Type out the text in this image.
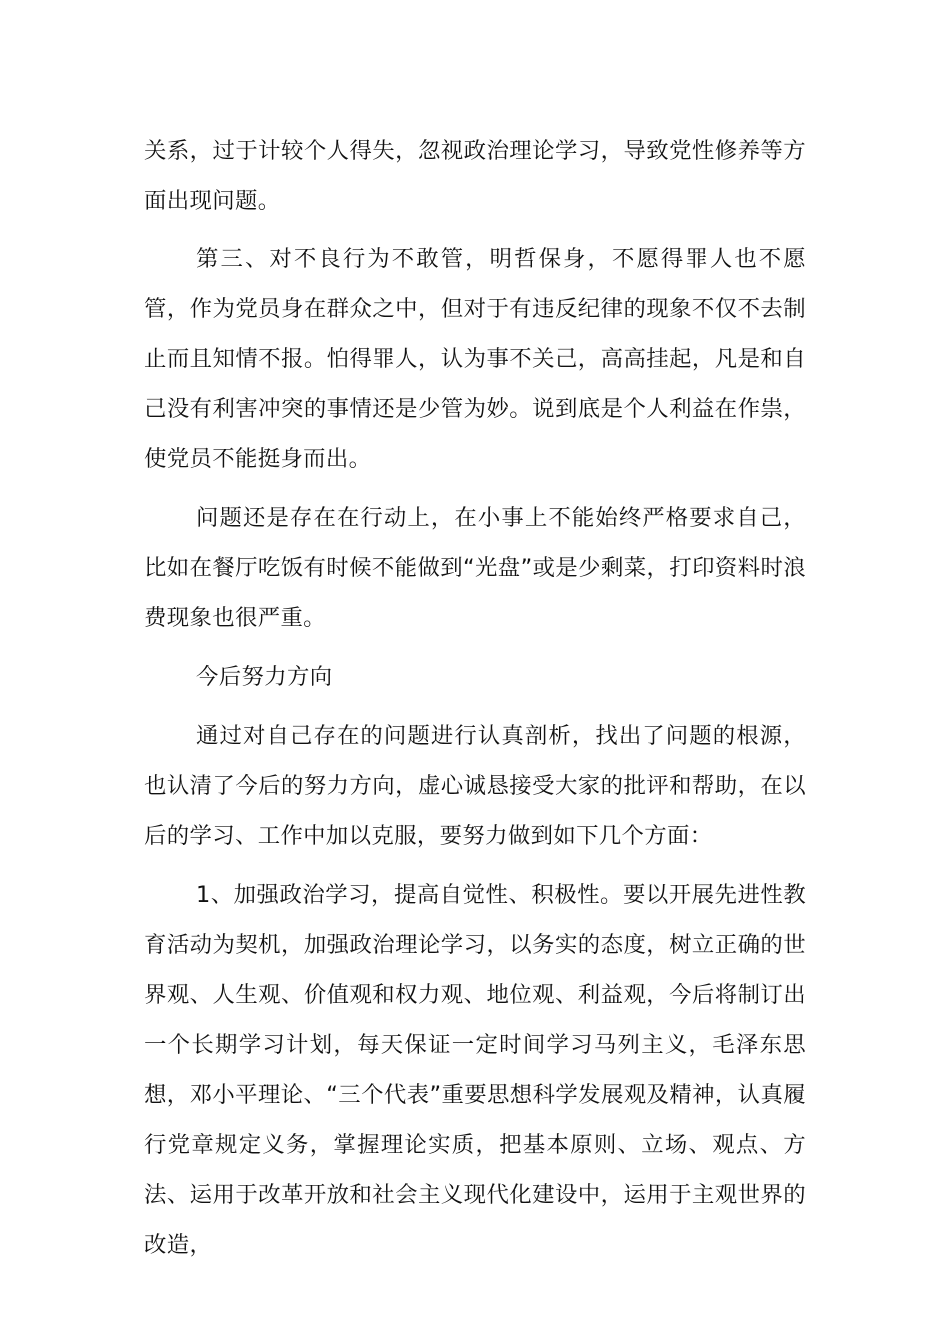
关系，过于计较个人得失，忽视政治理论学习，导致党性修养等方面出现问题。

第三、对不良行为不敢管，明哲保身，不愿得罪人也不愿管，作为党员身在群众之中，但对于有违反纪律的现象不仅不去制止而且知情不报。怕得罪人，认为事不关己，高高挂起，凡是和自己没有利害冲突的事情还是少管为妙。说到底是个人利益在作祟，使党员不能挺身而出。

问题还是存在在行动上，在小事上不能始终严格要求自己，比如在餐厅吃饭有时候不能做到“光盘”或是少剩菜，打印资料时浪费现象也很严重。

今后努力方向

通过对自己存在的问题进行认真剖析，找出了问题的根源，也认清了今后的努力方向，虚心诚恳接受大家的批评和帮助，在以后的学习、工作中加以克服，要努力做到如下几个方面：

1、加强政治学习，提高自觉性、积极性。要以开展先进性教育活动为契机，加强政治理论学习，以务实的态度，树立正确的世界观、人生观、价值观和权力观、地位观、利益观，今后将制订出一个长期学习计划，每天保证一定时间学习马列主义，毛泽东思想，邓小平理论、“三个代表”重要思想科学发展观及精神，认真履行党章规定义务，掌握理论实质，把基本原则、立场、观点、方法、运用于改革开放和社会主义现代化建设中，运用于主观世界的改造，
